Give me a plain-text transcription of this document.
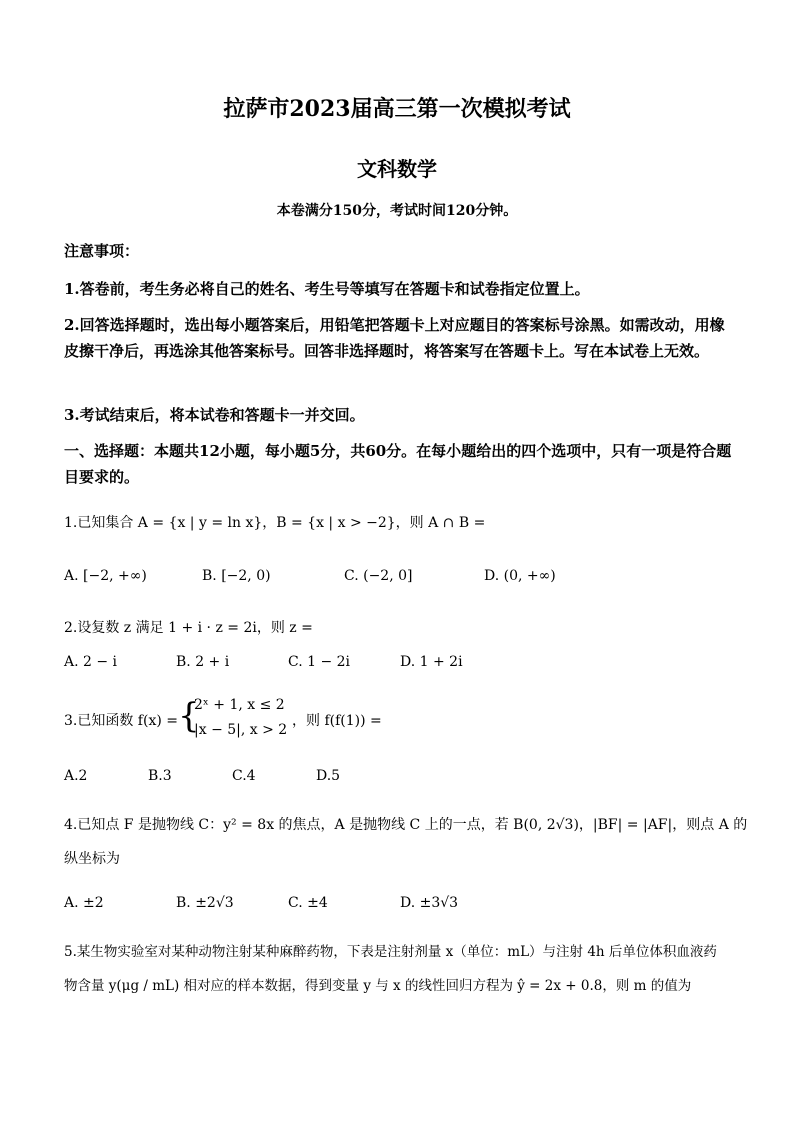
拉萨市2023届高三第一次模拟考试
文科数学
本卷满分150分，考试时间120分钟。
注意事项：
1.答卷前，考生务必将自己的姓名、考生号等填写在答题卡和试卷指定位置上。
2.回答选择题时，选出每小题答案后，用铅笔把答题卡上对应题目的答案标号涂黑。如需改动，用橡皮擦干净后，再选涂其他答案标号。回答非选择题时，将答案写在答题卡上。写在本试卷上无效。
3.考试结束后，将本试卷和答题卡一并交回。
一、选择题：本题共12小题，每小题5分，共60分。在每小题给出的四个选项中，只有一项是符合题目要求的。
1.已知集合 A = {x | y = ln x}，B = {x | x > −2}，则 A ∩ B =
A. [−2, +∞)	B. [−2, 0)	C. (−2, 0]	D. (0, +∞)
2.设复数 z 满足 1 + i · z = 2i，则 z =
A. 2 − i	B. 2 + i	C. 1 − 2i	D. 1 + 2i
3.已知函数 f(x) = {
2ˣ + 1, x ≤ 2
|x − 5|, x > 2
，则 f(f(1)) =
A.2	B.3	C.4	D.5
4.已知点 F 是抛物线 C：y² = 8x 的焦点，A 是抛物线 C 上的一点，若 B(0, 2√3)，|BF| = |AF|，则点 A 的
纵坐标为
A. ±2	B. ±2√3	C. ±4	D. ±3√3
5.某生物实验室对某种动物注射某种麻醉药物，下表是注射剂量 x（单位：mL）与注射 4h 后单位体积血液药
物含量 y(μg / mL) 相对应的样本数据，得到变量 y 与 x 的线性回归方程为 ŷ = 2x + 0.8，则 m 的值为
